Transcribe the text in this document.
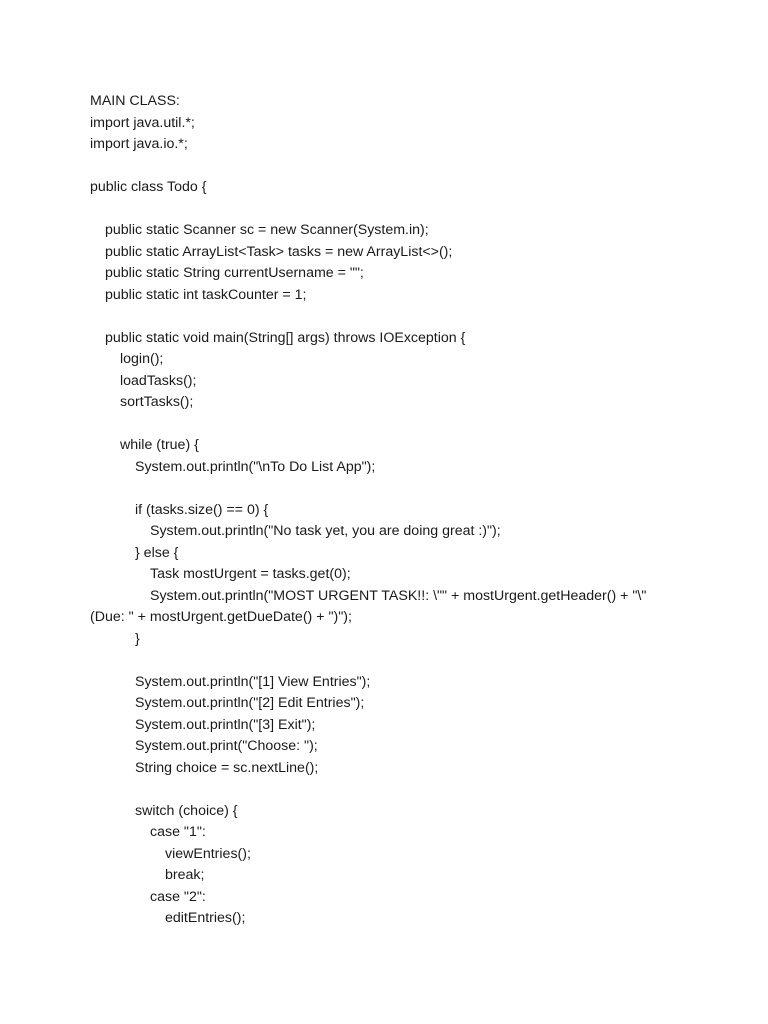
MAIN CLASS:
import java.util.*;
import java.io.*;
public class Todo {
public static Scanner sc = new Scanner(System.in);
public static ArrayList<Task> tasks = new ArrayList<>();
public static String currentUsername = "";
public static int taskCounter = 1;
public static void main(String[] args) throws IOException {
login();
loadTasks();
sortTasks();
while (true) {
System.out.println("\nTo Do List App");
if (tasks.size() == 0) {
System.out.println("No task yet, you are doing great :)");
} else {
Task mostUrgent = tasks.get(0);
System.out.println("MOST URGENT TASK!!: \"" + mostUrgent.getHeader() + "\"
(Due: " + mostUrgent.getDueDate() + ")");
}
System.out.println("[1] View Entries");
System.out.println("[2] Edit Entries");
System.out.println("[3] Exit");
System.out.print("Choose: ");
String choice = sc.nextLine();
switch (choice) {
case "1":
viewEntries();
break;
case "2":
editEntries();
